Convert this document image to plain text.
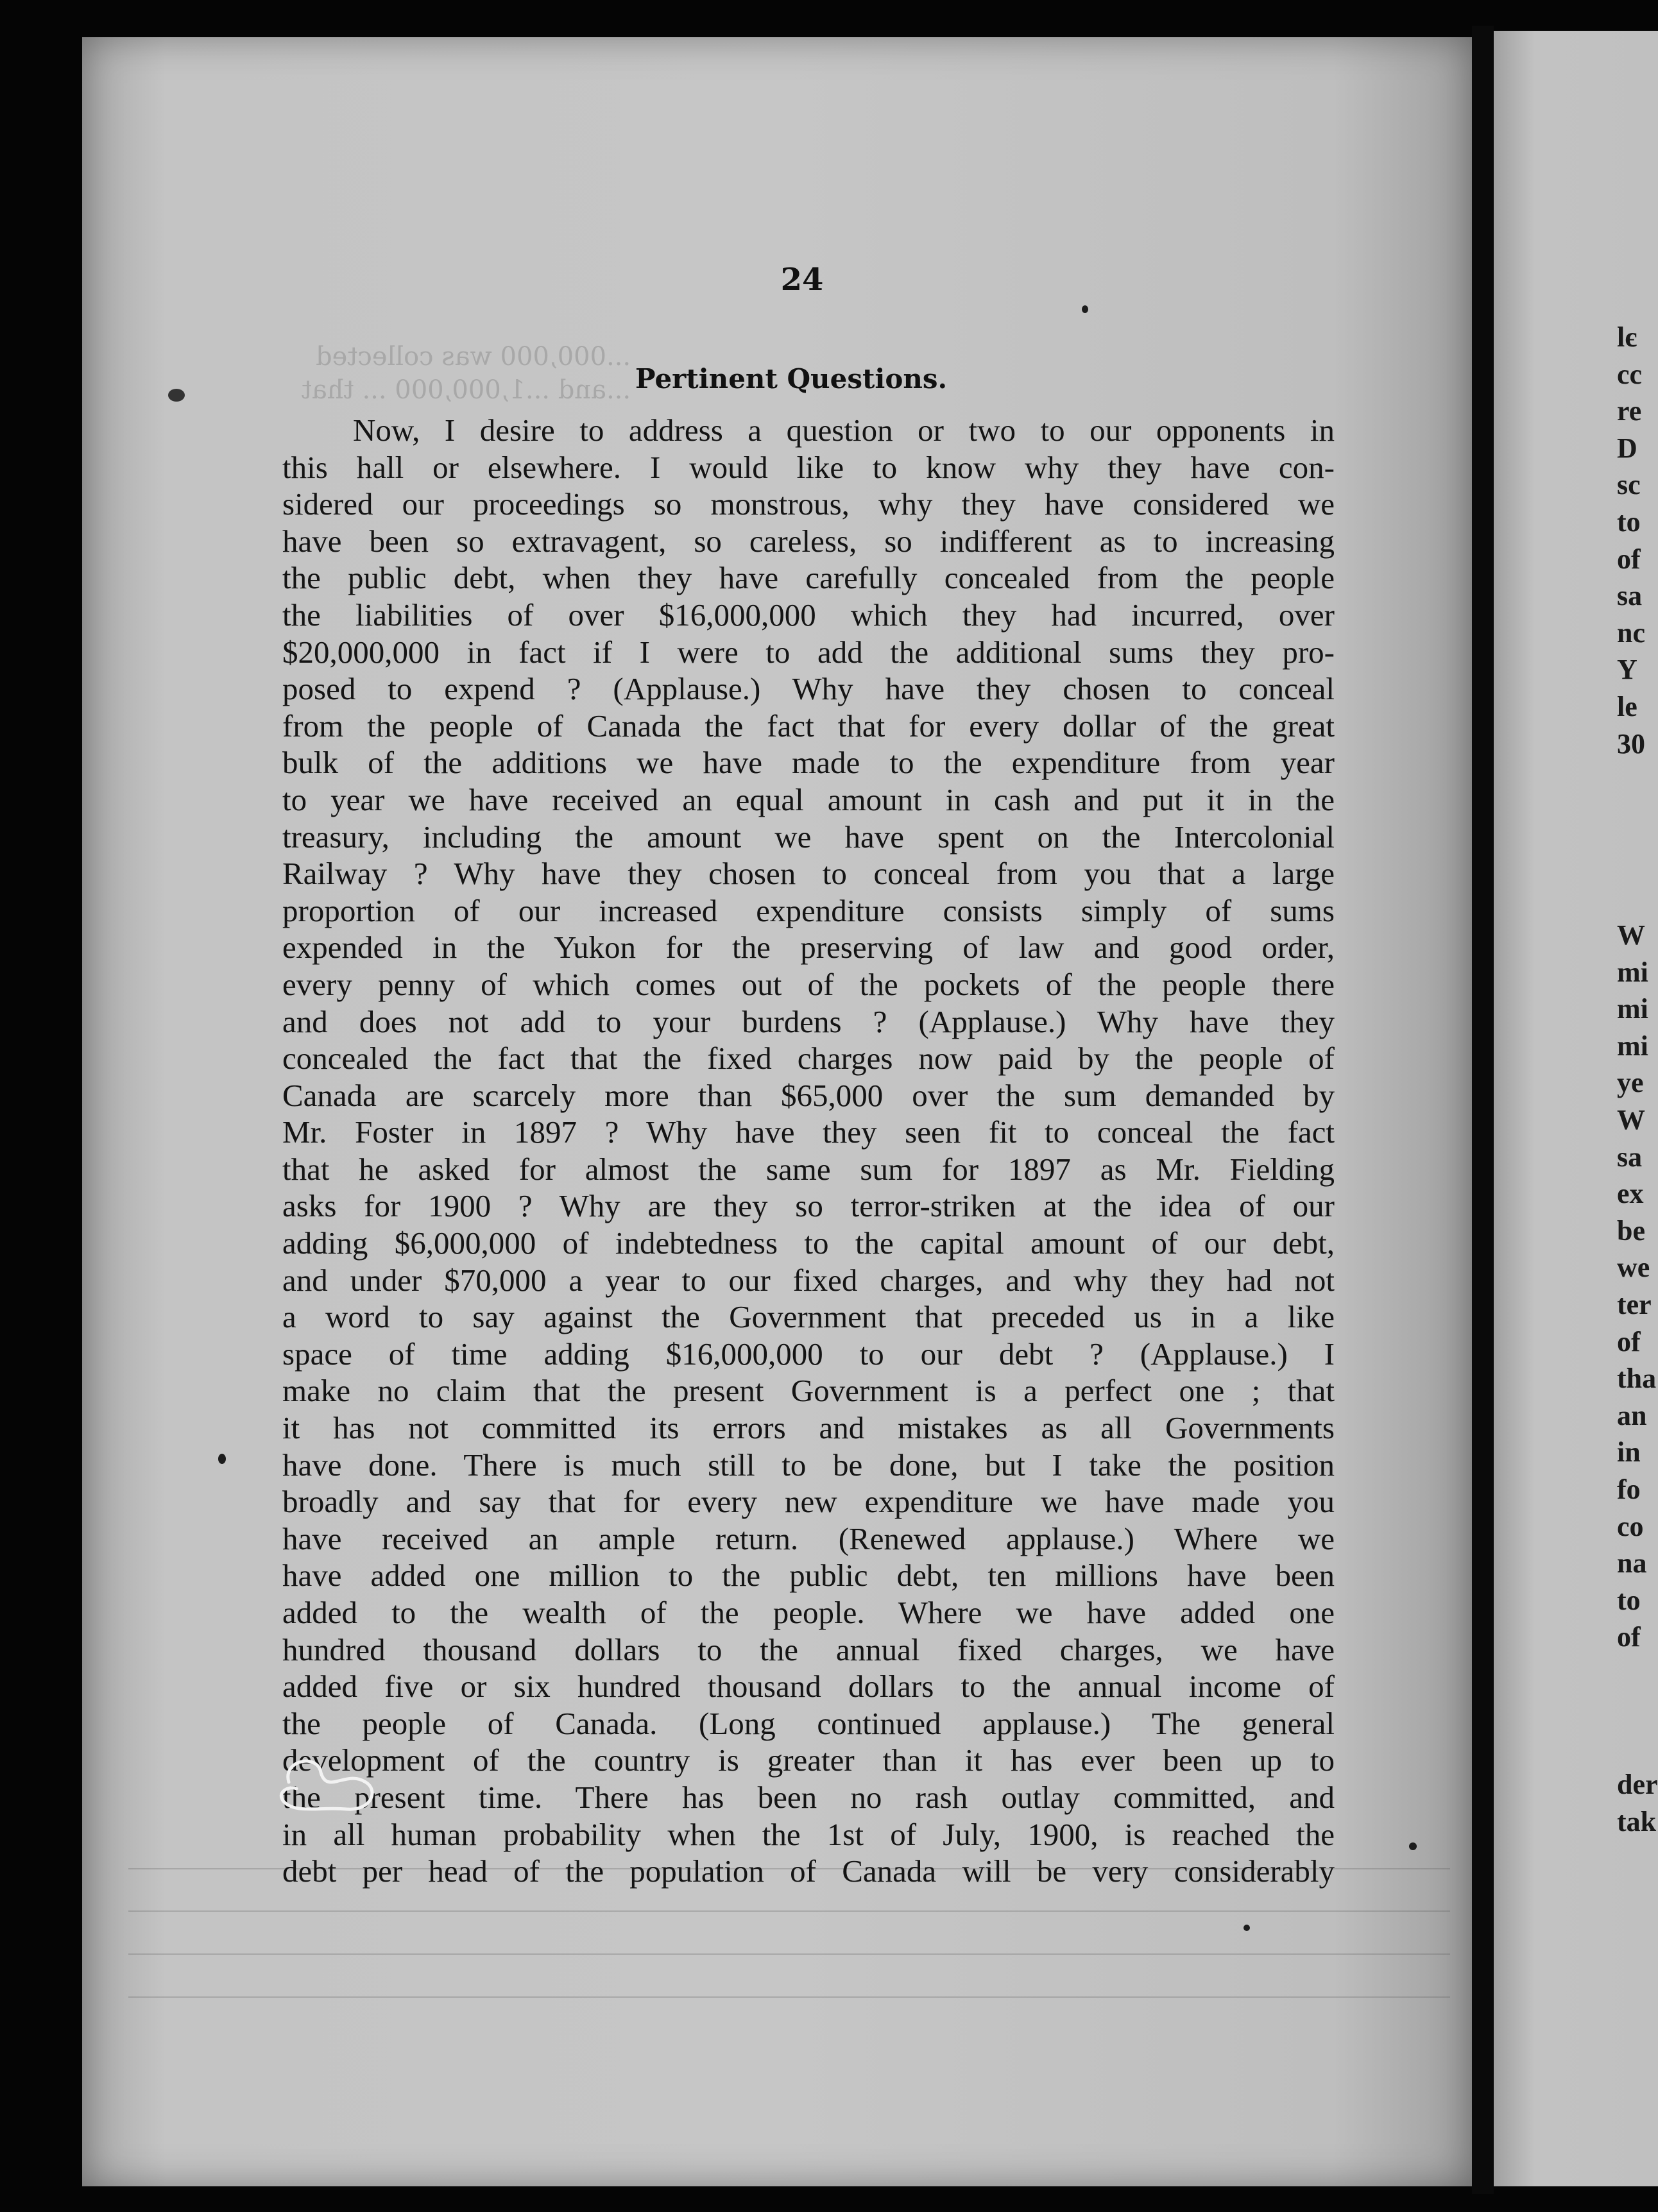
...000,000 was collected
...and ...1,000,000 ... that
24
Pertinent Questions.
Now, I desire to address a question or two to our opponents in
this hall or elsewhere. I would like to know why they have con-
sidered our proceedings so monstrous, why they have considered we
have been so extravagent, so careless, so indifferent as to increasing
the public debt, when they have carefully concealed from the people
the liabilities of over $16,000,000 which they had incurred, over
$20,000,000 in fact if I were to add the additional sums they pro-
posed to expend ? (Applause.) Why have they chosen to conceal
from the people of Canada the fact that for every dollar of the great
bulk of the additions we have made to the expenditure from year
to year we have received an equal amount in cash and put it in the
treasury, including the amount we have spent on the Intercolonial
Railway ? Why have they chosen to conceal from you that a large
proportion of our increased expenditure consists simply of sums
expended in the Yukon for the preserving of law and good order,
every penny of which comes out of the pockets of the people there
and does not add to your burdens ? (Applause.) Why have they
concealed the fact that the fixed charges now paid by the people of
Canada are scarcely more than $65,000 over the sum demanded by
Mr. Foster in 1897 ? Why have they seen fit to conceal the fact
that he asked for almost the same sum for 1897 as Mr. Fielding
asks for 1900 ? Why are they so terror-striken at the idea of our
adding $6,000,000 of indebtedness to the capital amount of our debt,
and under $70,000 a year to our fixed charges, and why they had not
a word to say against the Government that preceded us in a like
space of time adding $16,000,000 to our debt ? (Applause.) I
make no claim that the present Government is a perfect one ; that
it has not committed its errors and mistakes as all Governments
have done. There is much still to be done, but I take the position
broadly and say that for every new expenditure we have made you
have received an ample return. (Renewed applause.) Where we
have added one million to the public debt, ten millions have been
added to the wealth of the people. Where we have added one
hundred thousand dollars to the annual fixed charges, we have
added five or six hundred thousand dollars to the annual income of
the people of Canada. (Long continued applause.) The general
development of the country is greater than it has ever been up to
the present time. There has been no rash outlay committed, and
in all human probability when the 1st of July, 1900, is reached the
debt per head of the population of Canada will be very considerably
lє
cc
re
D
sc
to
of
sa
nc
Y
le
30
W
mi
mi
mi
ye
W
sa
ex
be
we
ter
of
tha
an
in
fo
co
na
to
of
der
tak
